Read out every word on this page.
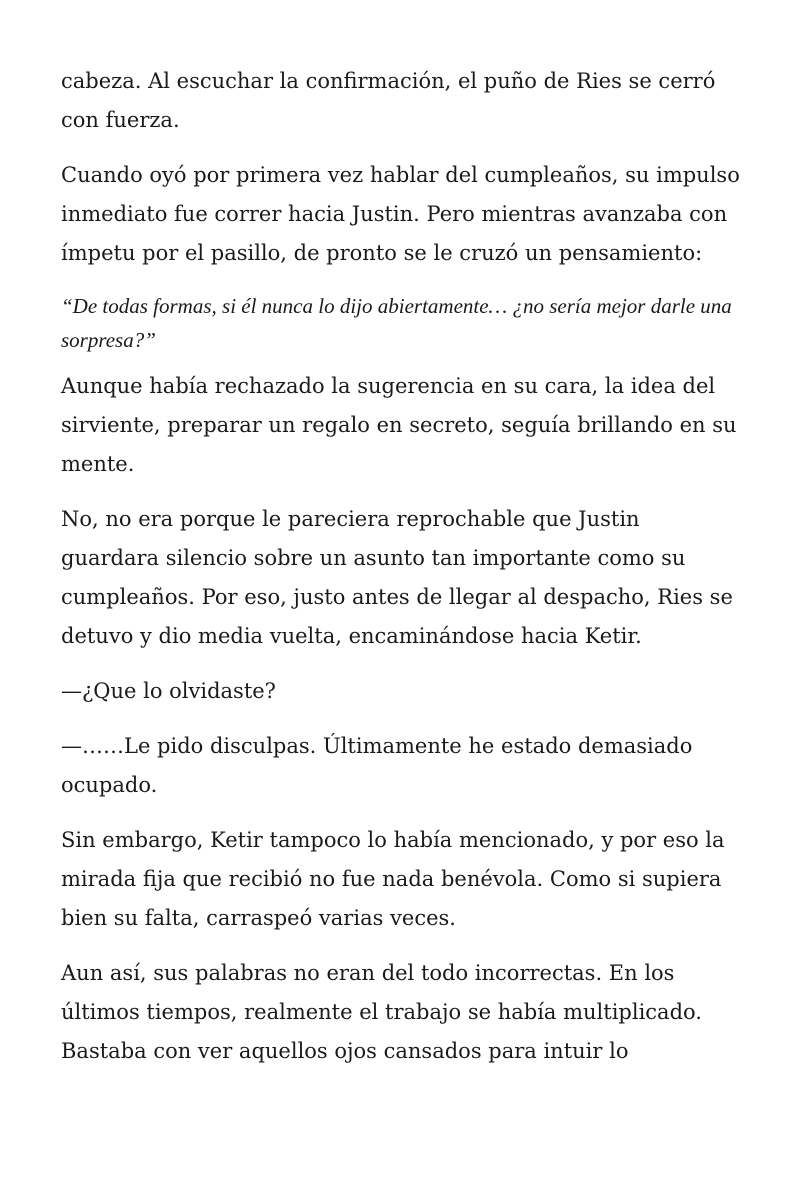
cabeza. Al escuchar la confirmación, el puño de Ries se cerró con fuerza.

Cuando oyó por primera vez hablar del cumpleaños, su impulso inmediato fue correr hacia Justin. Pero mientras avanzaba con ímpetu por el pasillo, de pronto se le cruzó un pensamiento:

“De todas formas, si él nunca lo dijo abiertamente… ¿no sería mejor darle una sorpresa?”

Aunque había rechazado la sugerencia en su cara, la idea del sirviente, preparar un regalo en secreto, seguía brillando en su mente.

No, no era porque le pareciera reprochable que Justin guardara silencio sobre un asunto tan importante como su cumpleaños. Por eso, justo antes de llegar al despacho, Ries se detuvo y dio media vuelta, encaminándose hacia Ketir.

—¿Que lo olvidaste?

—……Le pido disculpas. Últimamente he estado demasiado ocupado.

Sin embargo, Ketir tampoco lo había mencionado, y por eso la mirada fija que recibió no fue nada benévola. Como si supiera bien su falta, carraspeó varias veces.

Aun así, sus palabras no eran del todo incorrectas. En los últimos tiempos, realmente el trabajo se había multiplicado. Bastaba con ver aquellos ojos cansados para intuir lo
